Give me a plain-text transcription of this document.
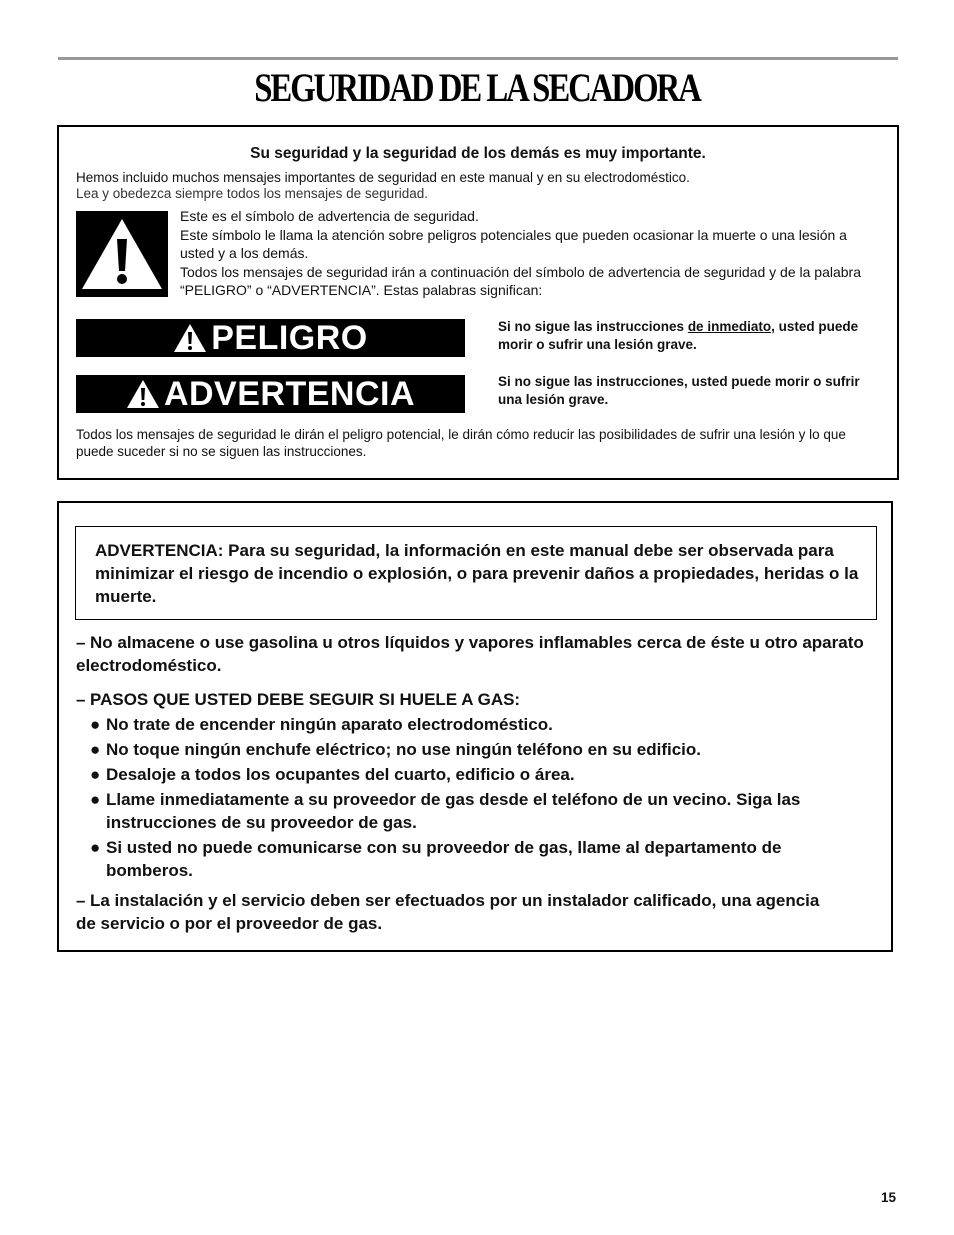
SEGURIDAD DE LA SECADORA
Su seguridad y la seguridad de los demás es muy importante.
Hemos incluido muchos mensajes importantes de seguridad en este manual y en su electrodoméstico.
Lea y obedezca siempre todos los mensajes de seguridad.

Este es el símbolo de advertencia de seguridad.

Este símbolo le llama la atención sobre peligros potenciales que pueden ocasionar la muerte o una lesión a usted y a los demás.

Todos los mensajes de seguridad irán a continuación del símbolo de advertencia de seguridad y de la palabra “PELIGRO” o “ADVERTENCIA”. Estas palabras significan:

PELIGRO	Si no sigue las instrucciones de inmediato, usted puede morir o sufrir una lesión grave.
ADVERTENCIA	Si no sigue las instrucciones, usted puede morir o sufrir una lesión grave.
Todos los mensajes de seguridad le dirán el peligro potencial, le dirán cómo reducir las posibilidades de sufrir una lesión y lo que puede suceder si no se siguen las instrucciones.
ADVERTENCIA: Para su seguridad, la información en este manual debe ser observada para minimizar el riesgo de incendio o explosión, o para prevenir daños a propiedades, heridas o la muerte.
– No almacene o use gasolina u otros líquidos y vapores inflamables cerca de éste u otro aparato electrodoméstico.
– PASOS QUE USTED DEBE SEGUIR SI HUELE A GAS:
● No trate de encender ningún aparato electrodoméstico.
● No toque ningún enchufe eléctrico; no use ningún teléfono en su edificio.
● Desaloje a todos los ocupantes del cuarto, edificio o área.
● Llame inmediatamente a su proveedor de gas desde el teléfono de un vecino. Siga las instrucciones de su proveedor de gas.
● Si usted no puede comunicarse con su proveedor de gas, llame al departamento de bomberos.
– La instalación y el servicio deben ser efectuados por un instalador calificado, una agencia de servicio o por el proveedor de gas.
15
